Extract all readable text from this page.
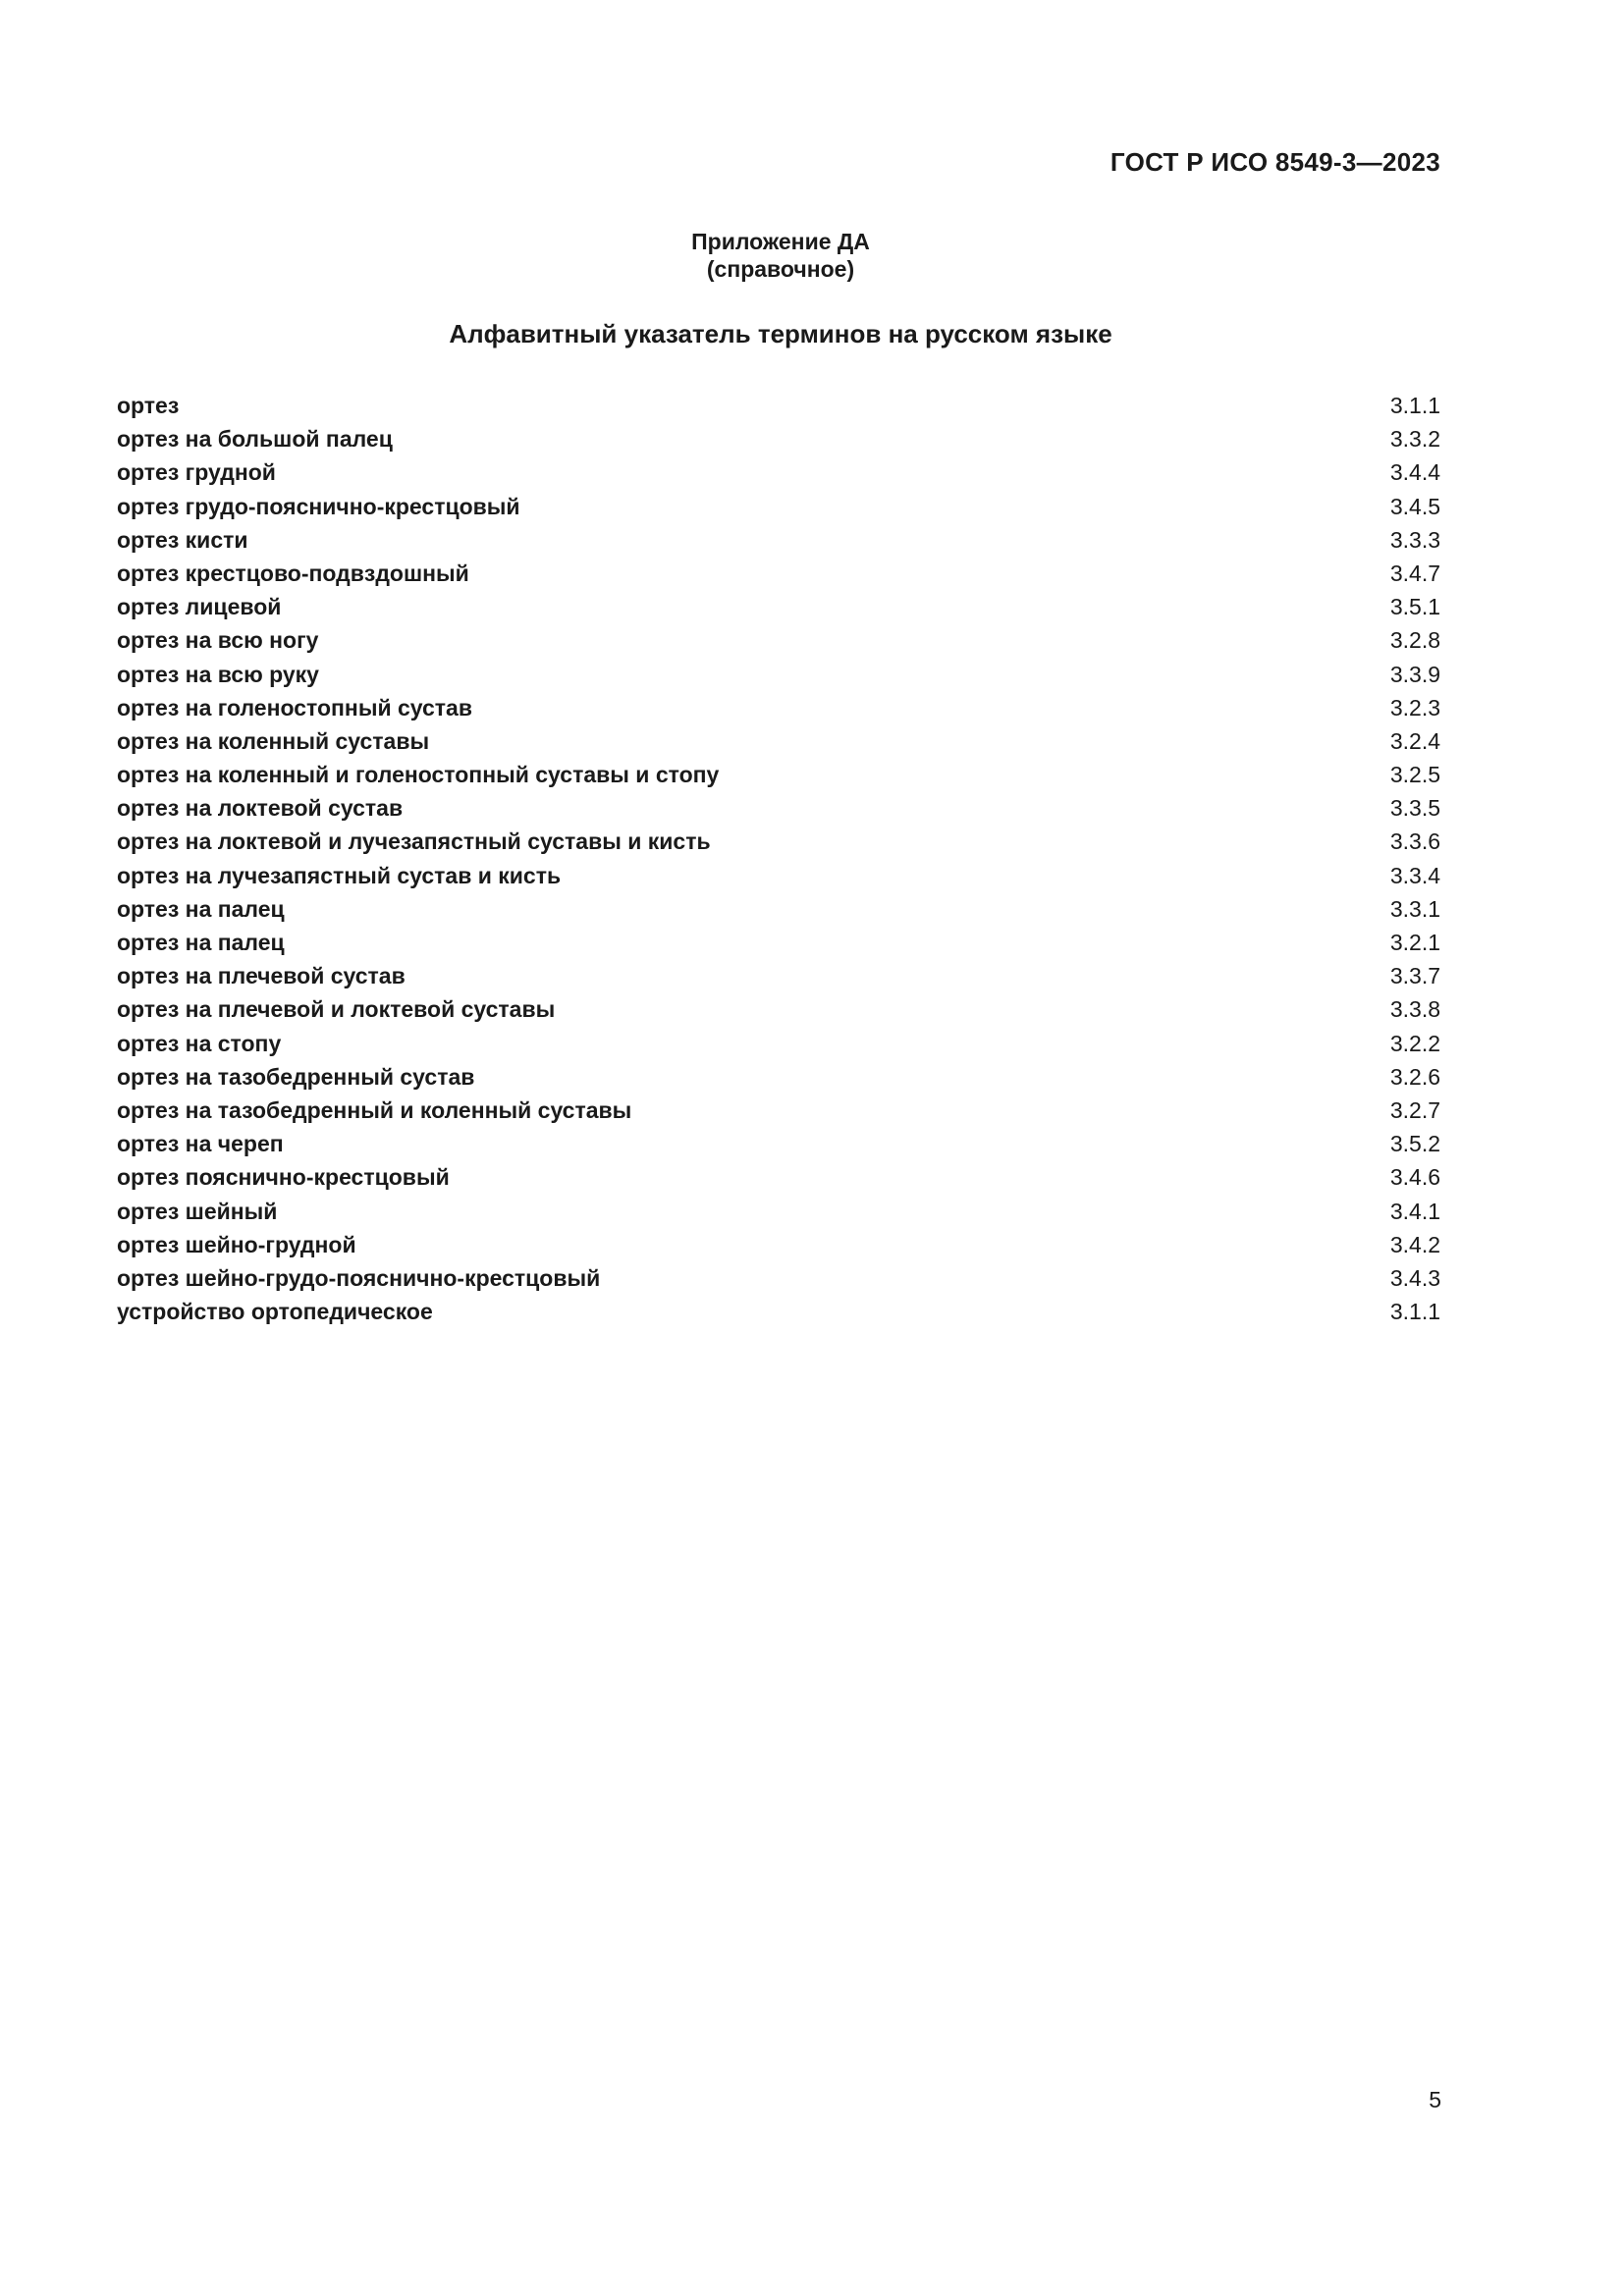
ГОСТ Р ИСО 8549-3—2023
Приложение ДА
(справочное)
Алфавитный указатель терминов на русском языке
ортез	3.1.1
ортез на большой палец	3.3.2
ортез грудной	3.4.4
ортез грудо-пояснично-крестцовый	3.4.5
ортез кисти	3.3.3
ортез крестцово-подвздошный	3.4.7
ортез лицевой	3.5.1
ортез на всю ногу	3.2.8
ортез на всю руку	3.3.9
ортез на голеностопный сустав	3.2.3
ортез на коленный суставы	3.2.4
ортез на коленный и голеностопный суставы и стопу	3.2.5
ортез на локтевой сустав	3.3.5
ортез на локтевой и лучезапястный суставы и кисть	3.3.6
ортез на лучезапястный сустав и кисть	3.3.4
ортез на палец	3.3.1
ортез на палец	3.2.1
ортез на плечевой сустав	3.3.7
ортез на плечевой и локтевой суставы	3.3.8
ортез на стопу	3.2.2
ортез на тазобедренный сустав	3.2.6
ортез на тазобедренный и коленный суставы	3.2.7
ортез на череп	3.5.2
ортез пояснично-крестцовый	3.4.6
ортез шейный	3.4.1
ортез шейно-грудной	3.4.2
ортез шейно-грудо-пояснично-крестцовый	3.4.3
устройство ортопедическое	3.1.1
5
